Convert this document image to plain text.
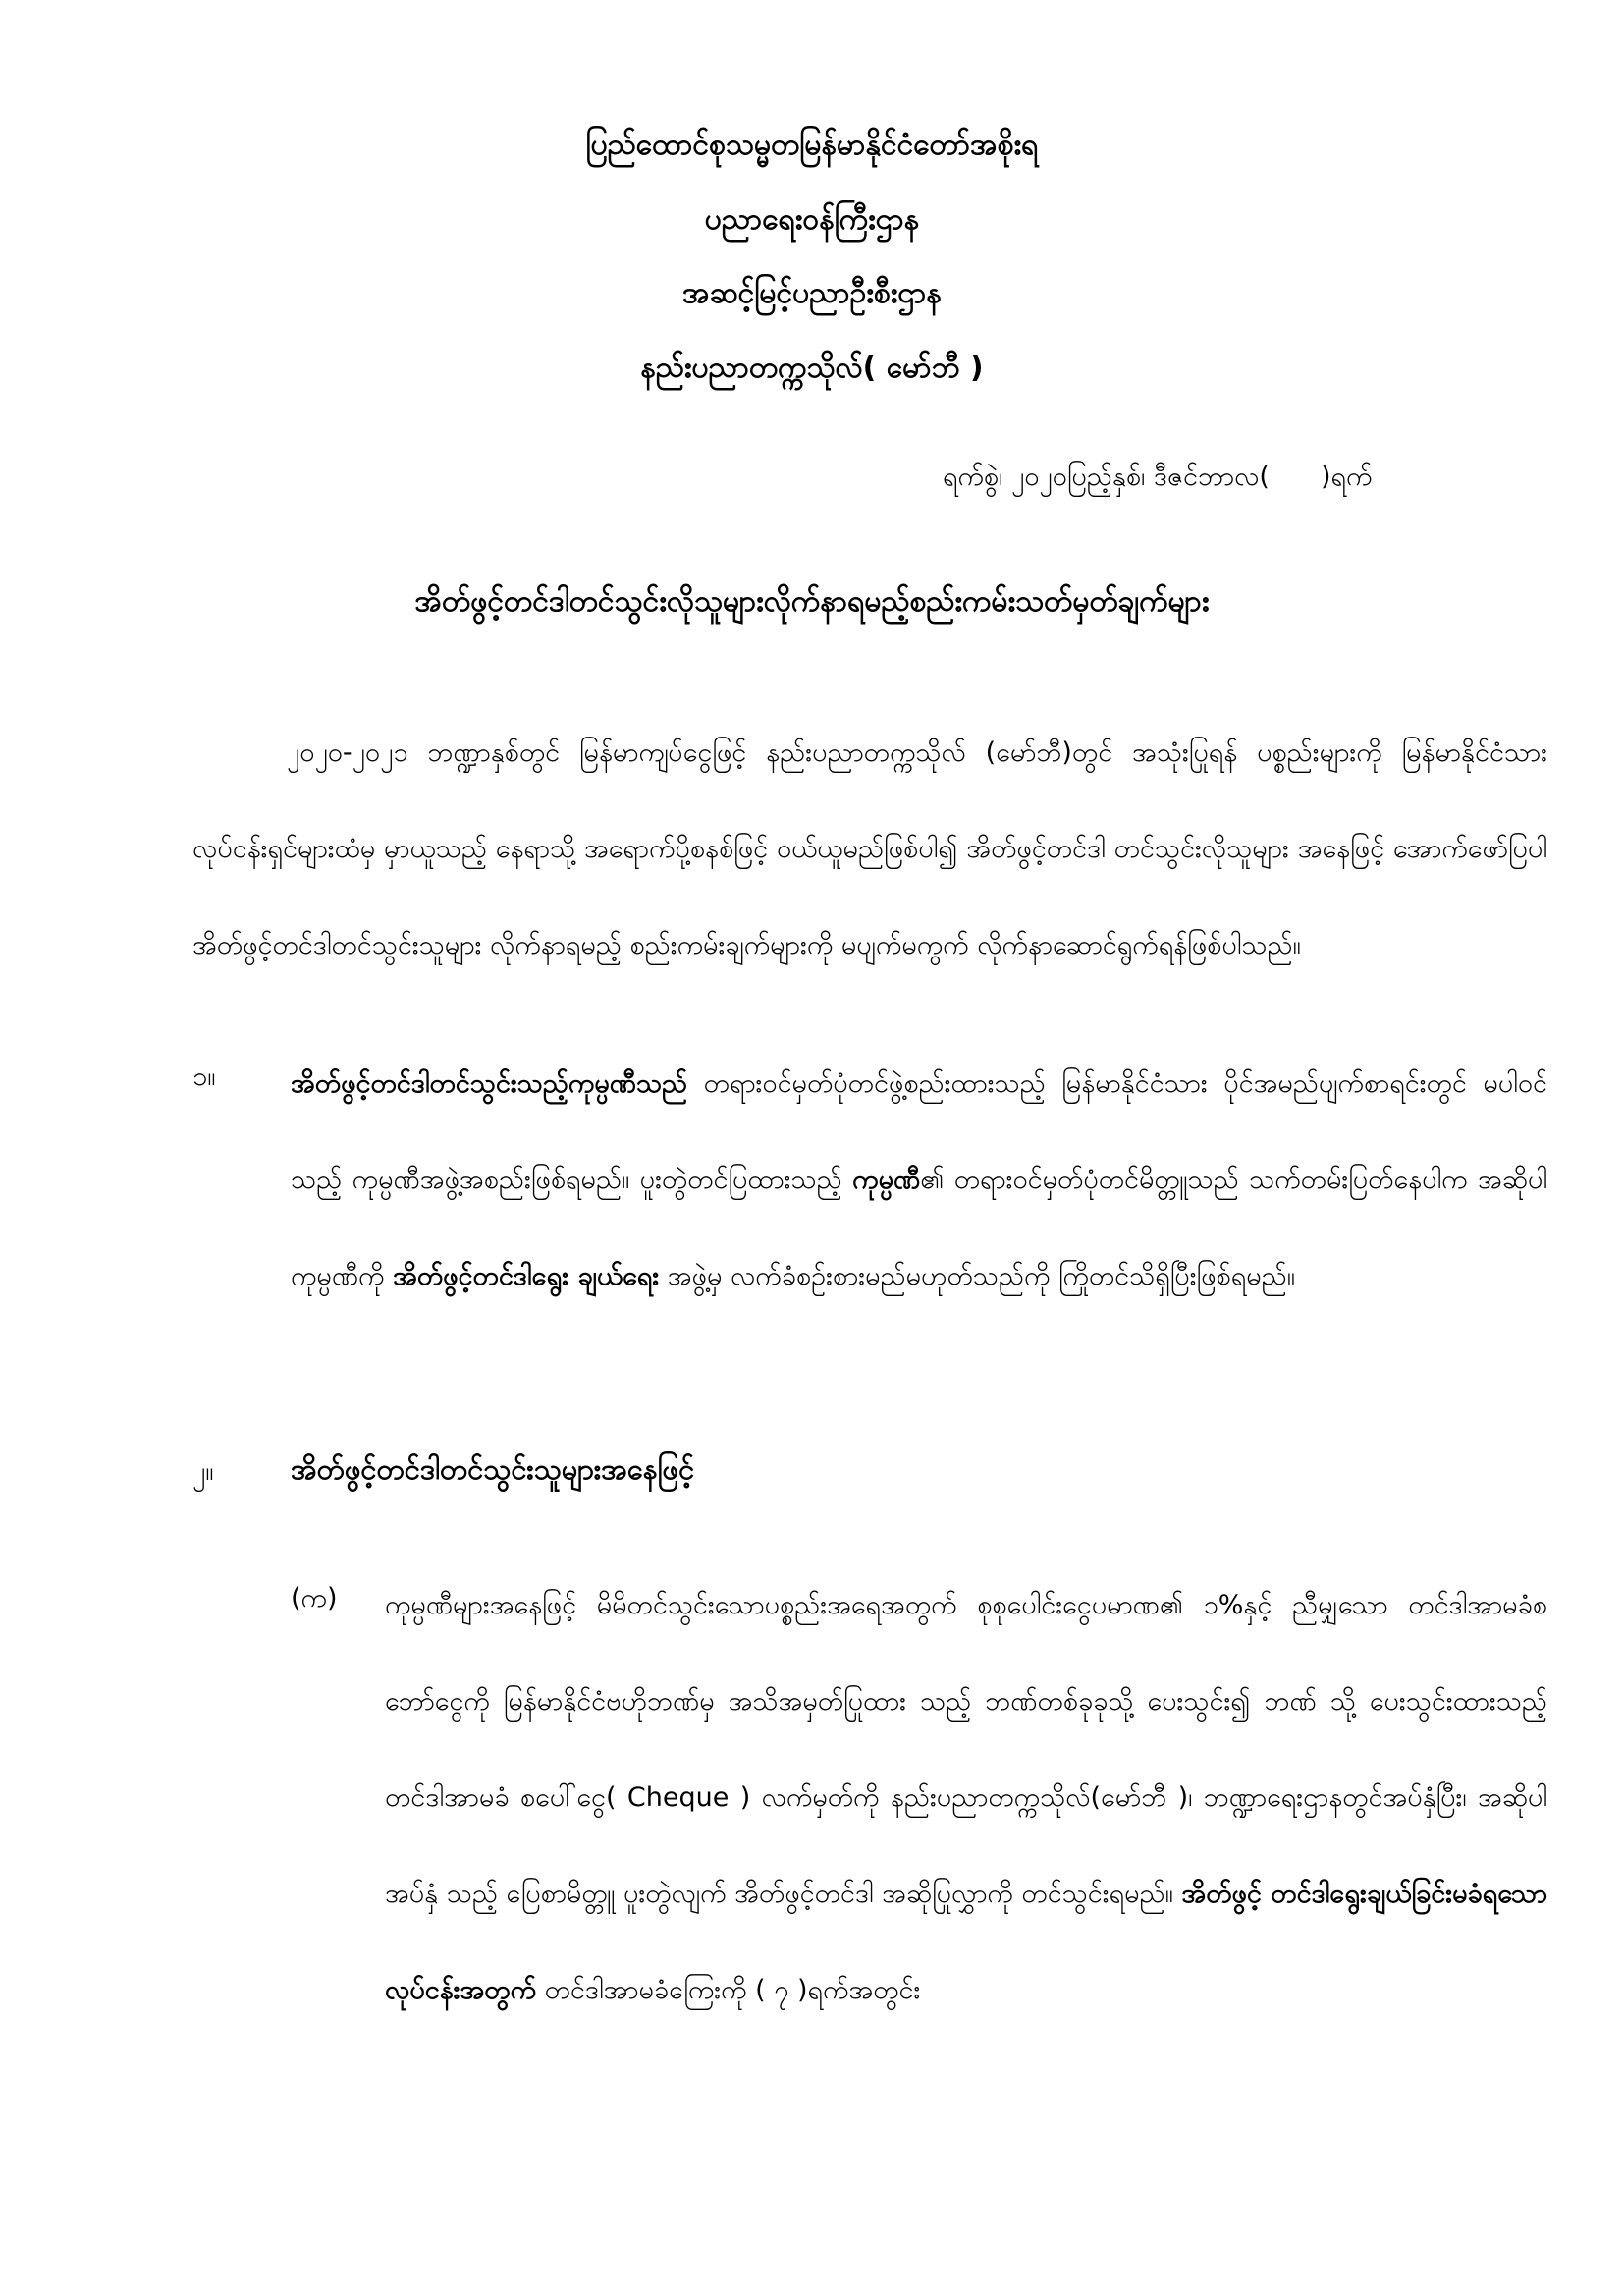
ပြည်ထောင်စုသမ္မတမြန်မာနိုင်ငံတော်အစိုးရ
ပညာရေးဝန်ကြီးဌာန
အဆင့်မြင့်ပညာဦးစီးဌာန
နည်းပညာတက္ကသိုလ်( မော်ဘီ )
ရက်စွဲ၊ ၂၀၂၀ပြည့်နှစ်၊ ဒီဇင်ဘာလ( )ရက်
အိတ်ဖွင့်တင်ဒါတင်သွင်းလိုသူများလိုက်နာရမည့်စည်းကမ်းသတ်မှတ်ချက်များ
၂၀၂၀-၂၀၂၁ ဘဏ္ဍာနှစ်တွင် မြန်မာကျပ်ငွေဖြင့် နည်းပညာတက္ကသိုလ် (မော်ဘီ)တွင် အသုံးပြုရန် ပစ္စည်းများကို မြန်မာနိုင်ငံသား လုပ်ငန်းရှင်များထံမှ မှာယူသည့် နေရာသို့ အရောက်ပို့စနစ်ဖြင့် ဝယ်ယူမည်ဖြစ်ပါ၍ အိတ်ဖွင့်တင်ဒါ တင်သွင်းလိုသူများ အနေဖြင့် အောက်ဖော်ပြပါ အိတ်ဖွင့်တင်ဒါတင်သွင်းသူများ လိုက်နာရမည့် စည်းကမ်းချက်များကို မပျက်မကွက် လိုက်နာဆောင်ရွက်ရန်ဖြစ်ပါသည်။
၁။	အိတ်ဖွင့်တင်ဒါတင်သွင်းသည့်ကုမ္ပဏီသည် တရားဝင်မှတ်ပုံတင်ဖွဲ့စည်းထားသည့် မြန်မာနိုင်ငံသား ပိုင်အမည်ပျက်စာရင်းတွင် မပါဝင်သည့် ကုမ္ပဏီအဖွဲ့အစည်းဖြစ်ရမည်။ ပူးတွဲတင်ပြထားသည့် ကုမ္ပဏီ၏ တရားဝင်မှတ်ပုံတင်မိတ္တူသည် သက်တမ်းပြတ်နေပါက အဆိုပါကုမ္ပဏီကို အိတ်ဖွင့်တင်ဒါရွေး ချယ်ရေး အဖွဲ့မှ လက်ခံစဉ်းစားမည်မဟုတ်သည်ကို ကြိုတင်သိရှိပြီးဖြစ်ရမည်။
၂။	အိတ်ဖွင့်တင်ဒါတင်သွင်းသူများအနေဖြင့်
(က) ကုမ္ပဏီများအနေဖြင့် မိမိတင်သွင်းသောပစ္စည်းအရေအတွက် စုစုပေါင်းငွေပမာဏ၏ ၁%နှင့် ညီမျှသော တင်ဒါအာမခံစဘော်ငွေကို မြန်မာနိုင်ငံဗဟိုဘဏ်မှ အသိအမှတ်ပြုထား သည့် ဘဏ်တစ်ခုခုသို့ ပေးသွင်း၍ ဘဏ် သို့ ပေးသွင်းထားသည့် တင်ဒါအာမခံ စပေါ်ငွေ( Cheque ) လက်မှတ်ကို နည်းပညာတက္ကသိုလ်(မော်ဘီ )၊ ဘဏ္ဍာရေးဌာနတွင်အပ်နှံပြီး၊ အဆိုပါအပ်နှံ သည့် ပြေစာမိတ္တူ ပူးတွဲလျက် အိတ်ဖွင့်တင်ဒါ အဆိုပြုလွှာကို တင်သွင်းရမည်။ အိတ်ဖွင့် တင်ဒါရွေးချယ်ခြင်းမခံရသောလုပ်ငန်းအတွက် တင်ဒါအာမခံကြေးကို ( ၇ )ရက်အတွင်း
